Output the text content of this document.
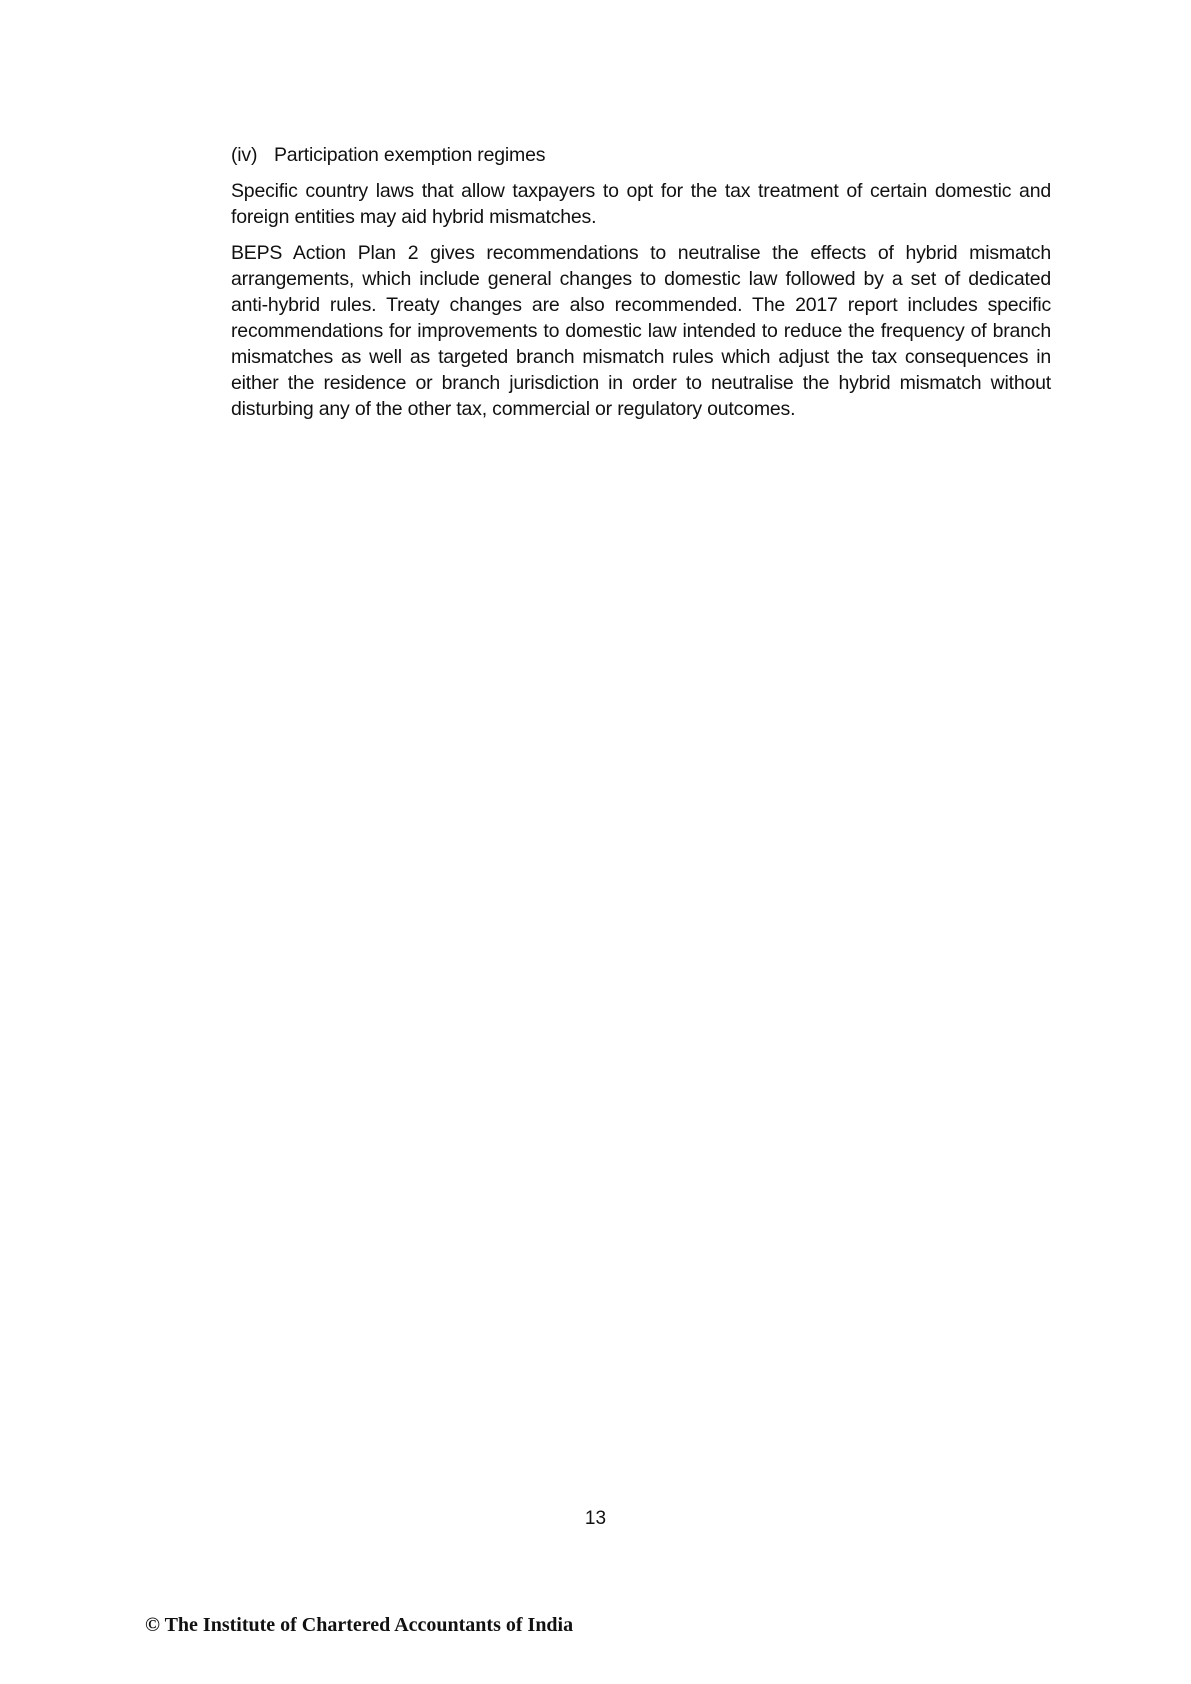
(iv) Participation exemption regimes

Specific country laws that allow taxpayers to opt for the tax treatment of certain domestic and foreign entities may aid hybrid mismatches.

BEPS Action Plan 2 gives recommendations to neutralise the effects of hybrid mismatch arrangements, which include general changes to domestic law followed by a set of dedicated anti-hybrid rules. Treaty changes are also recommended. The 2017 report includes specific recommendations for improvements to domestic law intended to reduce the frequency of branch mismatches as well as targeted branch mismatch rules which adjust the tax consequences in either the residence or branch jurisdiction in order to neutralise the hybrid mismatch without disturbing any of the other tax, commercial or regulatory outcomes.

13
© The Institute of Chartered Accountants of India
